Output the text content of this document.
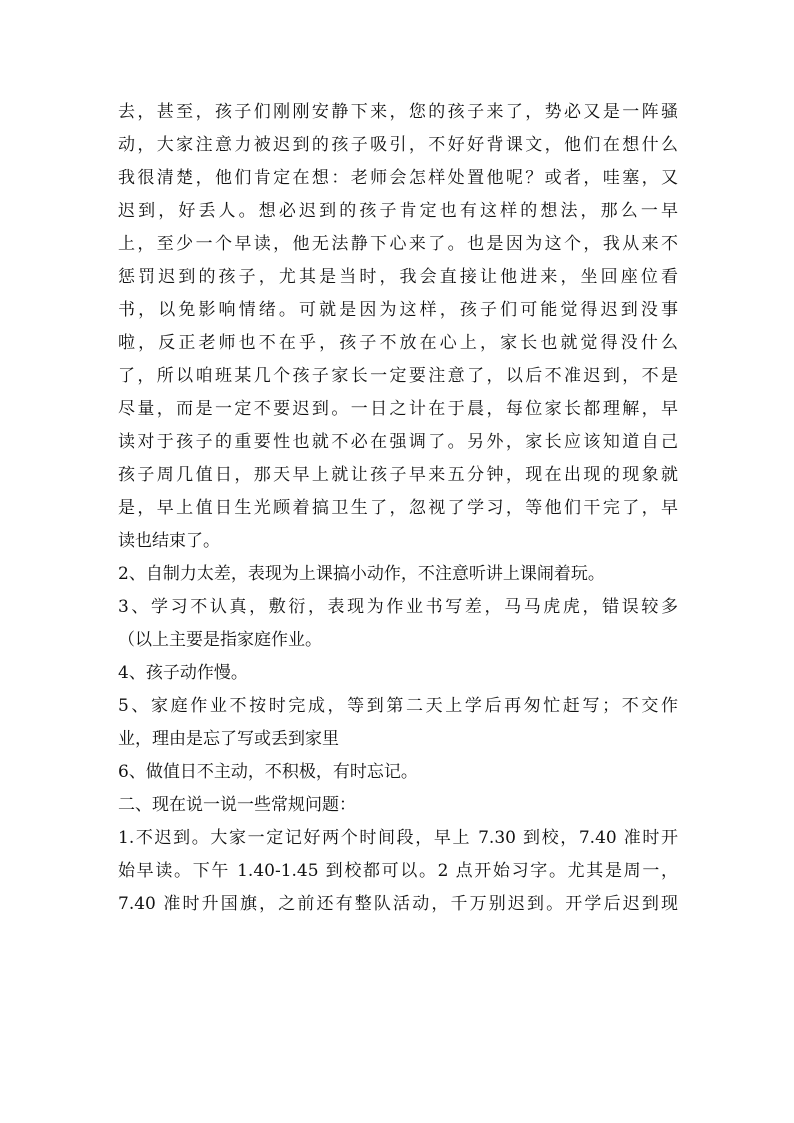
去，甚至，孩子们刚刚安静下来，您的孩子来了，势必又是一阵骚
动，大家注意力被迟到的孩子吸引，不好好背课文，他们在想什么
我很清楚，他们肯定在想：老师会怎样处置他呢？或者，哇塞，又
迟到，好丢人。想必迟到的孩子肯定也有这样的想法，那么一早
上，至少一个早读，他无法静下心来了。也是因为这个，我从来不
惩罚迟到的孩子，尤其是当时，我会直接让他进来，坐回座位看
书，以免影响情绪。可就是因为这样，孩子们可能觉得迟到没事
啦，反正老师也不在乎，孩子不放在心上，家长也就觉得没什么
了，所以咱班某几个孩子家长一定要注意了，以后不准迟到，不是
尽量，而是一定不要迟到。一日之计在于晨，每位家长都理解，早
读对于孩子的重要性也就不必在强调了。另外，家长应该知道自己
孩子周几值日，那天早上就让孩子早来五分钟，现在出现的现象就
是，早上值日生光顾着搞卫生了，忽视了学习，等他们干完了，早
读也结束了。
2、自制力太差，表现为上课搞小动作，不注意听讲上课闹着玩。
3、学习不认真，敷衍，表现为作业书写差，马马虎虎，错误较多
（以上主要是指家庭作业。
4、孩子动作慢。
5、家庭作业不按时完成，等到第二天上学后再匆忙赶写；不交作
业，理由是忘了写或丢到家里
6、做值日不主动，不积极，有时忘记。
二、现在说一说一些常规问题：
1.不迟到。大家一定记好两个时间段，早上 7.30 到校，7.40 准时开
始早读。下午 1.40-1.45 到校都可以。2 点开始习字。尤其是周一，
7.40 准时升国旗，之前还有整队活动，千万别迟到。开学后迟到现
